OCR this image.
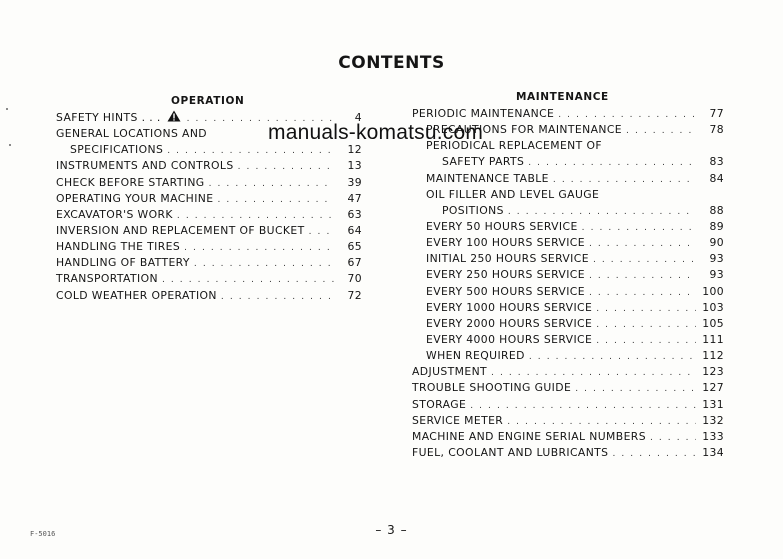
CONTENTS
OPERATION
SAFETY HINTS . . . . . .	4
GENERAL LOCATIONS AND
SPECIFICATIONS . . .	12
INSTRUMENTS AND CONTROLS . . .	13
CHECK BEFORE STARTING . . .	39
OPERATING YOUR MACHINE . . .	47
EXCAVATOR'S WORK . . .	63
INVERSION AND REPLACEMENT OF BUCKET . . .	64
HANDLING THE TIRES . . .	65
HANDLING OF BATTERY . . .	67
TRANSPORTATION . . .	70
COLD WEATHER OPERATION . . .	72
MAINTENANCE
PERIODIC MAINTENANCE . . .	77
PRECAUTIONS FOR MAINTENANCE . . .	78
PERIODICAL REPLACEMENT OF
SAFETY PARTS . . .	83
MAINTENANCE TABLE . . .	84
OIL FILLER AND LEVEL GAUGE
POSITIONS . . .	88
EVERY 50 HOURS SERVICE . . .	89
EVERY 100 HOURS SERVICE . . .	90
INITIAL 250 HOURS SERVICE . . .	93
EVERY 250 HOURS SERVICE . . .	93
EVERY 500 HOURS SERVICE . . .	100
EVERY 1000 HOURS SERVICE . . .	103
EVERY 2000 HOURS SERVICE . . .	105
EVERY 4000 HOURS SERVICE . . .	111
WHEN REQUIRED . . .	112
ADJUSTMENT . . .	123
TROUBLE SHOOTING GUIDE . . .	127
STORAGE . . .	131
SERVICE METER . . .	132
MACHINE AND ENGINE SERIAL NUMBERS . . .	133
FUEL, COOLANT AND LUBRICANTS . . .	134
manuals-komatsu.com
– 3 –
F-5016
